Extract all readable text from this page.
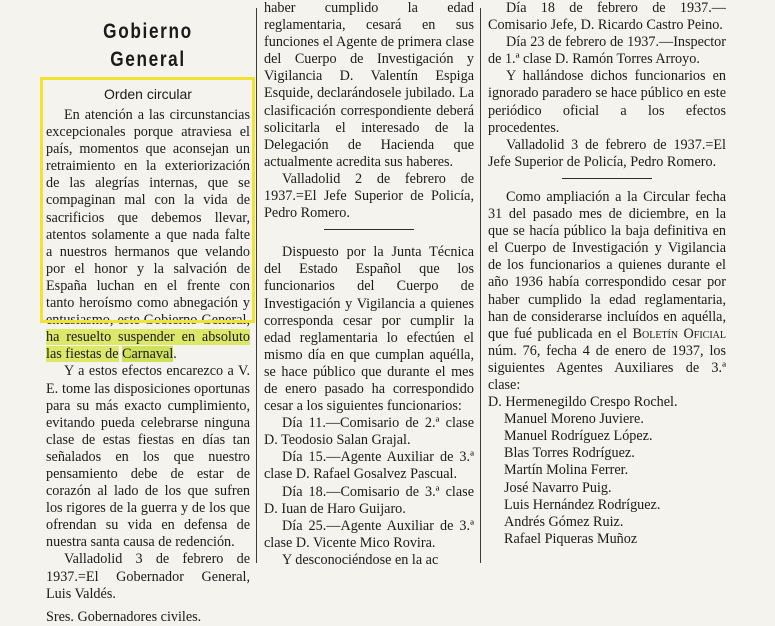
Gobierno General
Orden circular

En atención a las circunstancias excepcionales porque atraviesa el país, momentos que aconsejan un retraimiento en la exteriorización de las alegrías internas, que se compaginan mal con la vida de sacrificios que debemos llevar, atentos solamente a que nada falte a nuestros hermanos que velando por el honor y la salvación de España luchan en el frente con tanto heroísmo como abnegación y entusiasmo, este Gobierno General, ha resuelto suspender en absoluto las fiestas de Carnaval.

Y a estos efectos encarezco a V. E. tome las disposiciones oportunas para su más exacto cumplimiento, evitando pueda celebrarse ninguna clase de estas fiestas en días tan señalados en los que nuestro pensamiento debe de estar de corazón al lado de los que sufren los rigores de la guerra y de los que ofrendan su vida en defensa de nuestra santa causa de redención.

Valladolid 3 de febrero de 1937.=El Gobernador General, Luis Valdés.

Sres. Gobernadores civiles.

haber cumplido la edad reglamentaria, cesará en sus funciones el Agente de primera clase del Cuerpo de Investigación y Vigilancia D. Valentín Espiga Esquide, declarándosele jubilado. La clasificación correspondiente deberá solicitarla el interesado de la Delegación de Hacienda que actualmente acredita sus haberes.

Valladolid 2 de febrero de 1937.=El Jefe Superior de Policía, Pedro Romero.

Dispuesto por la Junta Técnica del Estado Español que los funcionarios del Cuerpo de Investigación y Vigilancia a quienes corresponda cesar por cumplir la edad reglamentaria lo efectúen el mismo día en que cumplan aquélla, se hace público que durante el mes de enero pasado ha correspondido cesar a los siguientes funcionarios:

Día 11.—Comisario de 2.ª clase D. Teodosio Salan Grajal.

Día 15.—Agente Auxiliar de 3.ª clase D. Rafael Gosalvez Pascual.

Día 18.—Comisario de 3.ª clase D. Iuan de Haro Guijaro.

Día 25.—Agente Auxiliar de 3.ª clase D. Vicente Mico Rovira.

Y desconociéndose en la ac

Día 18 de febrero de 1937.—Comisario Jefe, D. Ricardo Castro Peino.

Día 23 de febrero de 1937.—Inspector de 1.ª clase D. Ramón Torres Arroyo.

Y hallándose dichos funcionarios en ignorado paradero se hace público en este periódico oficial a los efectos procedentes.

Valladolid 3 de febrero de 1937.=El Jefe Superior de Policía, Pedro Romero.

Como ampliación a la Circular fecha 31 del pasado mes de diciembre, en la que se hacía público la baja definitiva en el Cuerpo de Investigación y Vigilancia de los funcionarios a quienes durante el año 1936 había correspondido cesar por haber cumplido la edad reglamentaria, han de considerarse incluídos en aquélla, que fué publicada en el Boletín Oficial núm. 76, fecha 4 de enero de 1937, los siguientes Agentes Auxiliares de 3.ª clase:

D. Hermenegildo Crespo Rochel.
Manuel Moreno Juviere.
Manuel Rodríguez López.
Blas Torres Rodríguez.
Martín Molina Ferrer.
José Navarro Puig.
Luis Hernández Rodríguez.
Andrés Gómez Ruiz.
Rafael Piqueras Muñoz
